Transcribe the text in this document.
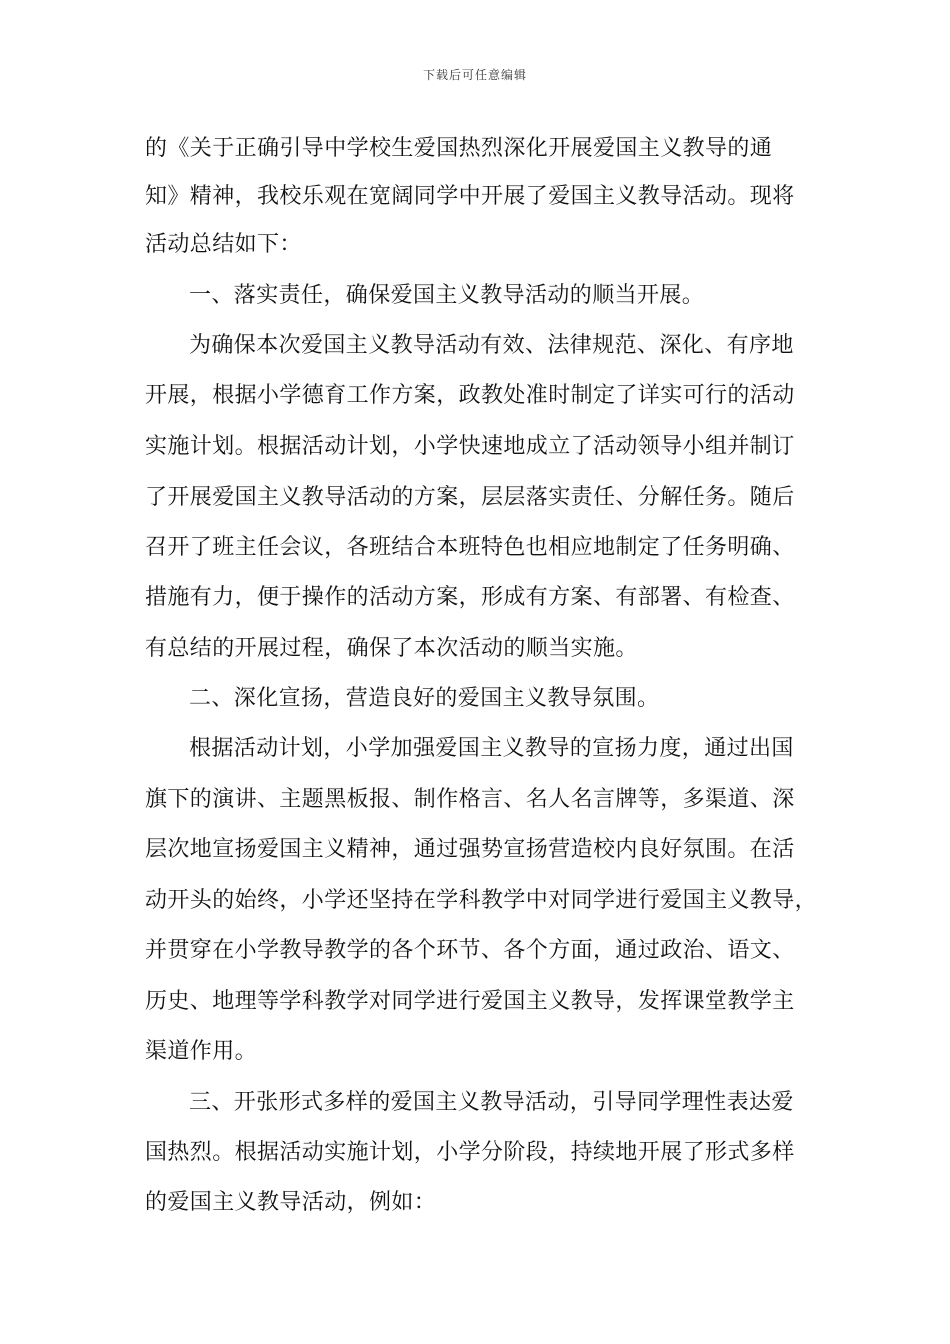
下载后可任意编辑
的《关于正确引导中学校生爱国热烈深化开展爱国主义教导的通
知》精神，我校乐观在宽阔同学中开展了爱国主义教导活动。现将
活动总结如下：
一、落实责任，确保爱国主义教导活动的顺当开展。
为确保本次爱国主义教导活动有效、法律规范、深化、有序地
开展，根据小学德育工作方案，政教处准时制定了详实可行的活动
实施计划。根据活动计划，小学快速地成立了活动领导小组并制订
了开展爱国主义教导活动的方案，层层落实责任、分解任务。随后
召开了班主任会议，各班结合本班特色也相应地制定了任务明确、
措施有力，便于操作的活动方案，形成有方案、有部署、有检查、
有总结的开展过程，确保了本次活动的顺当实施。
二、深化宣扬，营造良好的爱国主义教导氛围。
根据活动计划，小学加强爱国主义教导的宣扬力度，通过出国
旗下的演讲、主题黑板报、制作格言、名人名言牌等，多渠道、深
层次地宣扬爱国主义精神，通过强势宣扬营造校内良好氛围。在活
动开头的始终，小学还坚持在学科教学中对同学进行爱国主义教导，
并贯穿在小学教导教学的各个环节、各个方面，通过政治、语文、
历史、地理等学科教学对同学进行爱国主义教导，发挥课堂教学主
渠道作用。
三、开张形式多样的爱国主义教导活动，引导同学理性表达爱
国热烈。根据活动实施计划，小学分阶段，持续地开展了形式多样
的爱国主义教导活动，例如：
